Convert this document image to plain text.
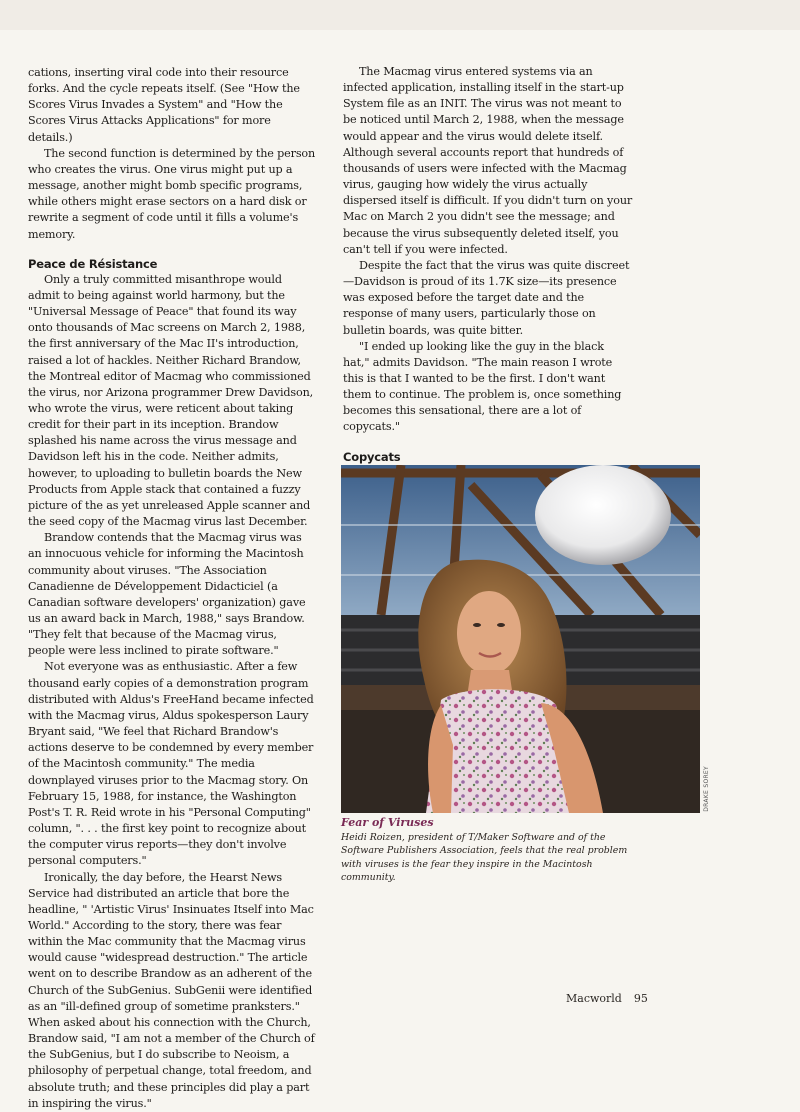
cations, inserting viral code into their resource forks. And the cycle repeats itself. (See "How the Scores Virus Invades a System" and "How the Scores Virus Attacks Applications" for more details.)

The second function is determined by the person who creates the virus. One virus might put up a message, another might bomb specific programs, while others might erase sectors on a hard disk or rewrite a segment of code until it fills a volume's memory.

Peace de Résistance

Only a truly committed misanthrope would admit to being against world harmony, but the "Universal Message of Peace" that found its way onto thousands of Mac screens on March 2, 1988, the first anniversary of the Mac II's introduction, raised a lot of hackles. Neither Richard Brandow, the Montreal editor of Macmag who commissioned the virus, nor Arizona programmer Drew Davidson, who wrote the virus, were reticent about taking credit for their part in its inception. Brandow splashed his name across the virus message and Davidson left his in the code. Neither admits, however, to uploading to bulletin boards the New Products from Apple stack that contained a fuzzy picture of the as yet unreleased Apple scanner and the seed copy of the Macmag virus last December.

Brandow contends that the Macmag virus was an innocuous vehicle for informing the Macintosh community about viruses. "The Association Canadienne de Développement Didacticiel (a Canadian software developers' organization) gave us an award back in March, 1988," says Brandow. "They felt that because of the Macmag virus, people were less inclined to pirate software."

Not everyone was as enthusiastic. After a few thousand early copies of a demonstration program distributed with Aldus's FreeHand became infected with the Macmag virus, Aldus spokesperson Laury Bryant said, "We feel that Richard Brandow's actions deserve to be condemned by every member of the Macintosh community." The media downplayed viruses prior to the Macmag story. On February 15, 1988, for instance, the Washington Post's T. R. Reid wrote in his "Personal Computing" column, ". . . the first key point to recognize about the computer virus reports—they don't involve personal computers."

Ironically, the day before, the Hearst News Service had distributed an article that bore the headline, " 'Artistic Virus' Insinuates Itself into Mac World." According to the story, there was fear within the Mac community that the Macmag virus would cause "widespread destruction." The article went on to describe Brandow as an adherent of the Church of the SubGenius. SubGenii were identified as an "ill-defined group of sometime pranksters." When asked about his connection with the Church, Brandow said, "I am not a member of the Church of the SubGenius, but I do subscribe to Neoism, a philosophy of perpetual change, total freedom, and absolute truth; and these principles did play a part in inspiring the virus."

The Macmag virus entered systems via an infected application, installing itself in the start-up System file as an INIT. The virus was not meant to be noticed until March 2, 1988, when the message would appear and the virus would delete itself. Although several accounts report that hundreds of thousands of users were infected with the Macmag virus, gauging how widely the virus actually dispersed itself is difficult. If you didn't turn on your Mac on March 2 you didn't see the message; and because the virus subsequently deleted itself, you can't tell if you were infected.

Despite the fact that the virus was quite discreet —Davidson is proud of its 1.7K size—its presence was exposed before the target date and the response of many users, particularly those on bulletin boards, was quite bitter.

"I ended up looking like the guy in the black hat," admits Davidson. "The main reason I wrote this is that I wanted to be the first. I don't want them to continue. The problem is, once something becomes this sensational, there are a lot of copycats."

Copycats

DRAKE SOREY
Fear of Viruses
Heidi Roizen, president of T/Maker Software and of the Software Publishers Association, feels that the real problem with viruses is the fear they inspire in the Macintosh community.
Macworld 95
